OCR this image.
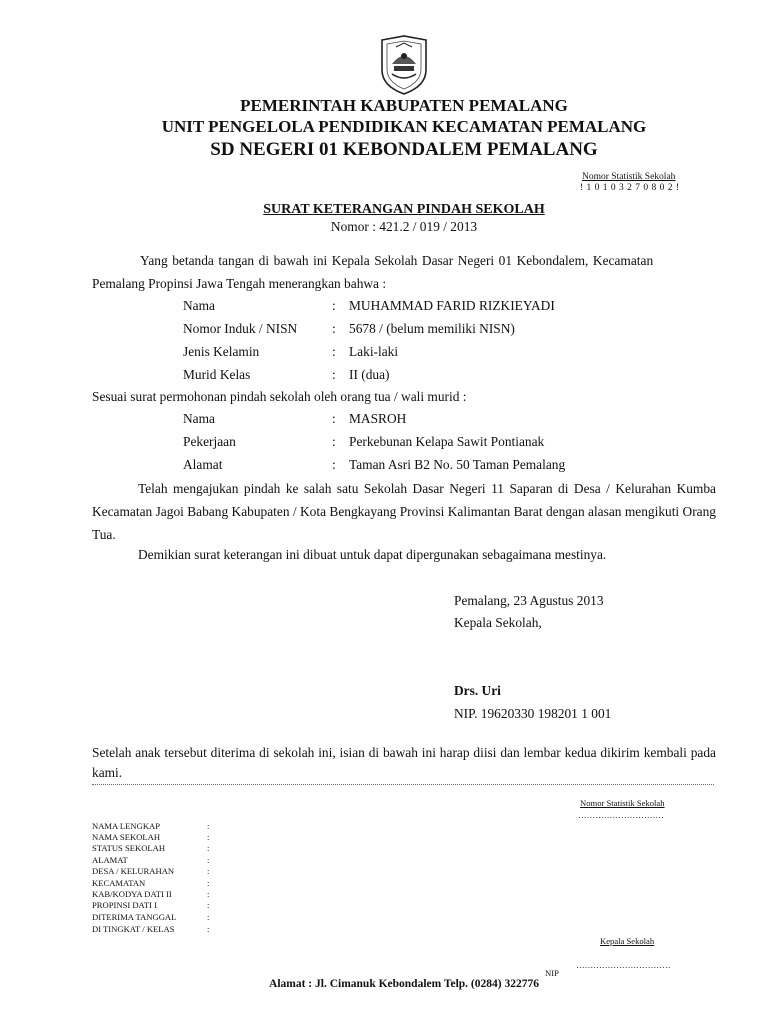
PEMERINTAH KABUPATEN PEMALANG
UNIT PENGELOLA PENDIDIKAN KECAMATAN PEMALANG
SD NEGERI 01 KEBONDALEM PEMALANG
Nomor Statistik Sekolah
! 1 0 1 0 3 2 7 0 8 0 2 !
SURAT KETERANGAN PINDAH SEKOLAH
Nomor : 421.2 / 019 / 2013
Yang betanda tangan di bawah ini Kepala Sekolah Dasar Negeri 01 Kebondalem, Kecamatan
Pemalang Propinsi Jawa Tengah menerangkan bahwa :
Nama	: MUHAMMAD FARID RIZKIEYADI
Nomor Induk / NISN	: 5678 / (belum memiliki NISN)
Jenis Kelamin	: Laki-laki
Murid Kelas	: II (dua)
Sesuai surat permohonan pindah sekolah oleh orang tua / wali murid :
Nama	: MASROH
Pekerjaan	: Perkebunan Kelapa Sawit Pontianak
Alamat	: Taman Asri B2 No. 50 Taman Pemalang
Telah mengajukan pindah ke salah satu Sekolah Dasar Negeri 11 Saparan di Desa / Kelurahan Kumba Kecamatan Jagoi Babang Kabupaten / Kota Bengkayang Provinsi Kalimantan Barat dengan alasan mengikuti Orang Tua.
Demikian surat keterangan ini dibuat untuk dapat dipergunakan sebagaimana mestinya.
Pemalang, 23 Agustus 2013
Kepala Sekolah,
Drs. Uri
NIP. 19620330 198201 1 001
Setelah anak tersebut diterima di sekolah ini, isian di bawah ini harap diisi dan lembar kedua dikirim kembali pada kami.
Nomor Statistik Sekolah
…………………………
NAMA LENGKAP	:
NAMA SEKOLAH	:
STATUS SEKOLAH	:
ALAMAT	:
DESA / KELURAHAN	:
KECAMATAN	:
KAB/KODYA DATI II	:
PROPINSI DATI I	:
DITERIMA TANGGAL	:
DI TINGKAT / KELAS	:
Kepala Sekolah
……………………………
NIP
Alamat : Jl. Cimanuk Kebondalem Telp. (0284) 322776
